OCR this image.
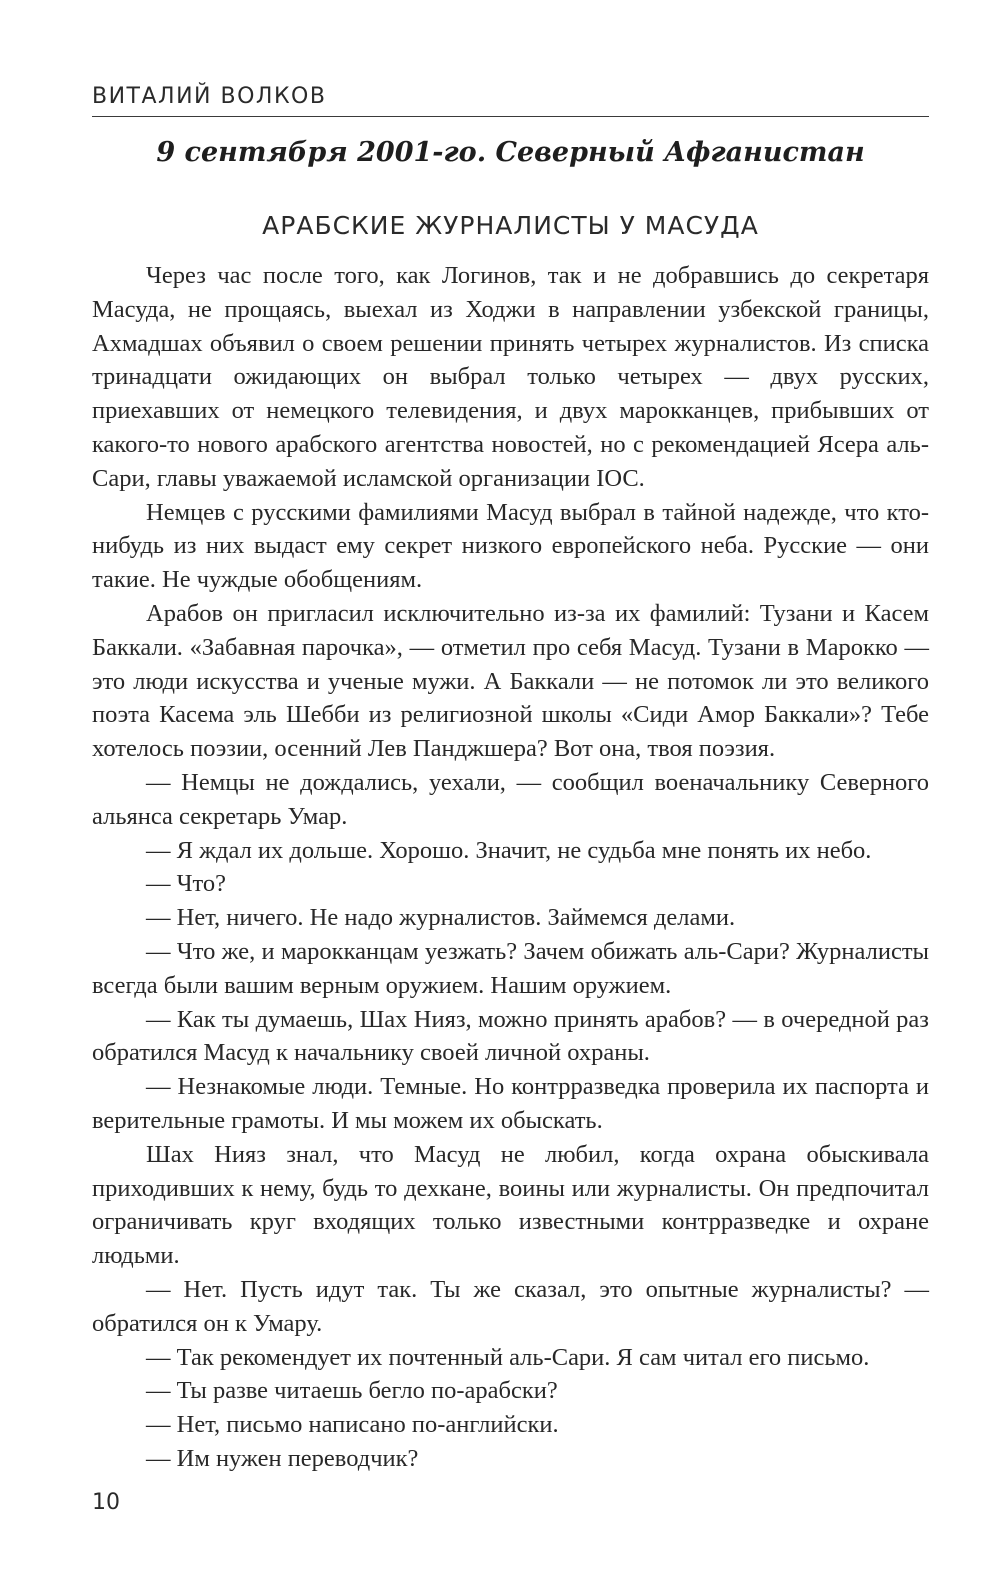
ВИТАЛИЙ ВОЛКОВ
9 сентября 2001-го. Северный Афганистан
АРАБСКИЕ ЖУРНАЛИСТЫ У МАСУДА

Через час после того, как Логинов, так и не добравшись до секретаря Масуда, не прощаясь, выехал из Ходжи в направлении узбекской границы, Ахмадшах объявил о своем решении принять четырех журналистов. Из списка тринадцати ожидающих он выбрал только четырех — двух русских, приехавших от немецкого телевидения, и двух марокканцев, прибывших от какого-то нового арабского агентства новостей, но с рекомендацией Ясера аль-Сари, главы уважаемой исламской организации ІОС.

Немцев с русскими фамилиями Масуд выбрал в тайной надежде, что кто-нибудь из них выдаст ему секрет низкого европейского неба. Русские — они такие. Не чуждые обобщениям.

Арабов он пригласил исключительно из-за их фамилий: Тузани и Касем Баккали. «Забавная парочка», — отметил про себя Масуд. Тузани в Марокко — это люди искусства и ученые мужи. А Баккали — не потомок ли это великого поэта Касема эль Шебби из религиозной школы «Сиди Амор Баккали»? Тебе хотелось поэзии, осенний Лев Панджшера? Вот она, твоя поэзия.

— Немцы не дождались, уехали, — сообщил военачальнику Северного альянса секретарь Умар.

— Я ждал их дольше. Хорошо. Значит, не судьба мне понять их небо.

— Что?

— Нет, ничего. Не надо журналистов. Займемся делами.

— Что же, и марокканцам уезжать? Зачем обижать аль-Сари? Журналисты всегда были вашим верным оружием. Нашим оружием.

— Как ты думаешь, Шах Нияз, можно принять арабов? — в очередной раз обратился Масуд к начальнику своей личной охраны.

— Незнакомые люди. Темные. Но контрразведка проверила их паспорта и верительные грамоты. И мы можем их обыскать.

Шах Нияз знал, что Масуд не любил, когда охрана обыскивала приходивших к нему, будь то дехкане, воины или журналисты. Он предпочитал ограничивать круг входящих только известными контрразведке и охране людьми.

— Нет. Пусть идут так. Ты же сказал, это опытные журналисты? — обратился он к Умару.

— Так рекомендует их почтенный аль-Сари. Я сам читал его письмо.

— Ты разве читаешь бегло по-арабски?

— Нет, письмо написано по-английски.

— Им нужен переводчик?

10
